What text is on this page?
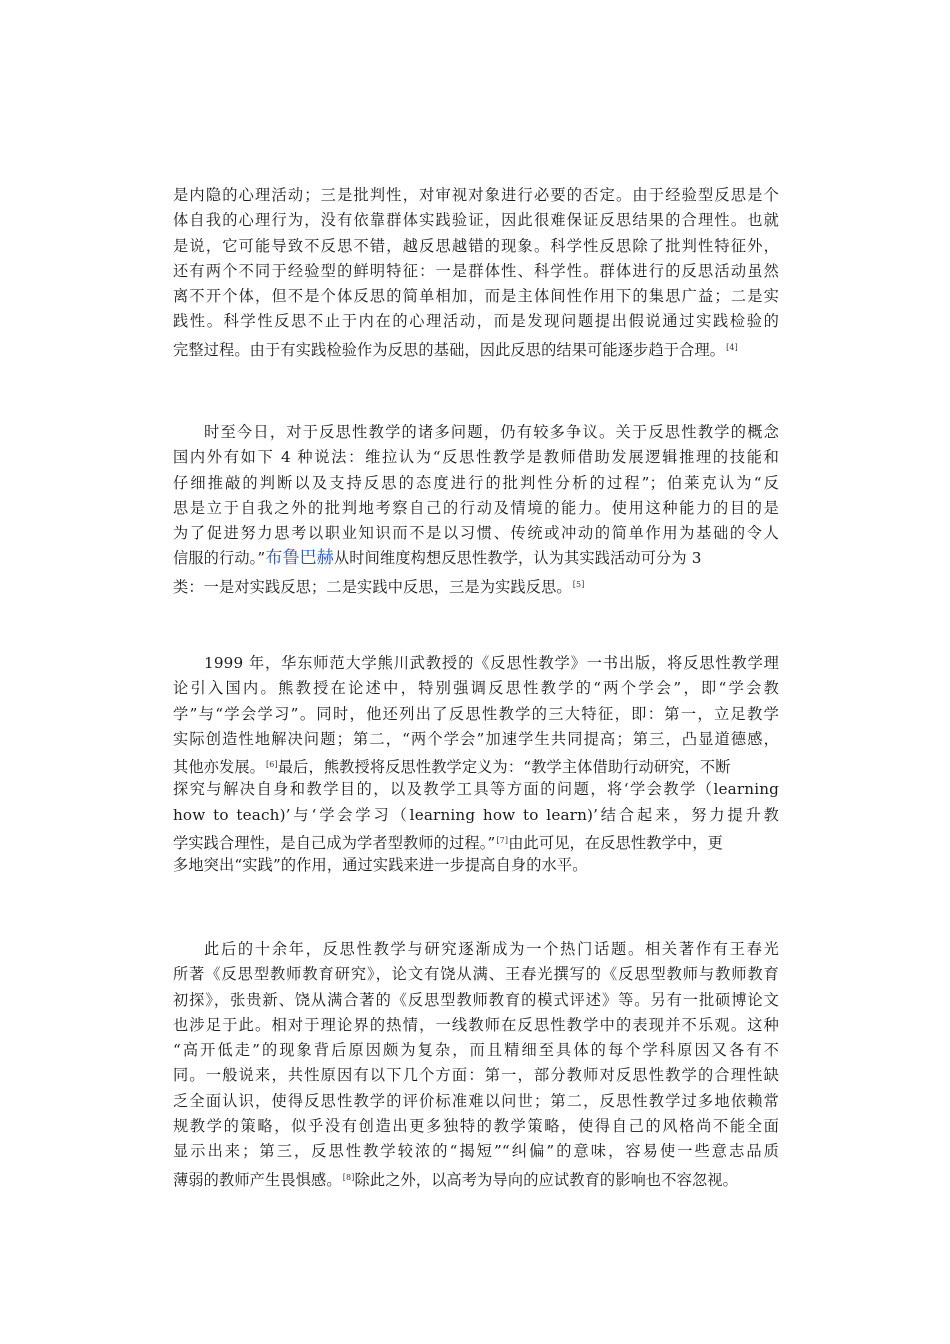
是内隐的心理活动；三是批判性，对审视对象进行必要的否定。由于经验型反思是个
体自我的心理行为，没有依靠群体实践验证，因此很难保证反思结果的合理性。也就
是说，它可能导致不反思不错，越反思越错的现象。科学性反思除了批判性特征外，
还有两个不同于经验型的鲜明特征：一是群体性、科学性。群体进行的反思活动虽然
离不开个体，但不是个体反思的简单相加，而是主体间性作用下的集思广益；二是实
践性。科学性反思不止于内在的心理活动，而是发现问题提出假说通过实践检验的
完整过程。由于有实践检验作为反思的基础，因此反思的结果可能逐步趋于合理。[4]
时至今日，对于反思性教学的诸多问题，仍有较多争议。关于反思性教学的概念
国内外有如下 4 种说法：维拉认为“反思性教学是教师借助发展逻辑推理的技能和
仔细推敲的判断以及支持反思的态度进行的批判性分析的过程”；伯莱克认为“反
思是立于自我之外的批判地考察自己的行动及情境的能力。使用这种能力的目的是
为了促进努力思考以职业知识而不是以习惯、传统或冲动的简单作用为基础的令人
信服的行动。”布鲁巴赫从时间维度构想反思性教学，认为其实践活动可分为 3
类：一是对实践反思；二是实践中反思，三是为实践反思。[5]
1999 年，华东师范大学熊川武教授的《反思性教学》一书出版，将反思性教学理
论引入国内。熊教授在论述中，特别强调反思性教学的“两个学会”，即“学会教
学”与“学会学习”。同时，他还列出了反思性教学的三大特征，即：第一，立足教学
实际创造性地解决问题；第二，“两个学会”加速学生共同提高；第三，凸显道德感，
其他亦发展。[6]最后，熊教授将反思性教学定义为：“教学主体借助行动研究，不断
探究与解决自身和教学目的，以及教学工具等方面的问题，将‘学会教学（learning
how to teach)’与‘学会学习（learning how to learn)’结合起来，努力提升教
学实践合理性，是自己成为学者型教师的过程。”[7]由此可见，在反思性教学中，更
多地突出“实践”的作用，通过实践来进一步提高自身的水平。
此后的十余年，反思性教学与研究逐渐成为一个热门话题。相关著作有王春光
所著《反思型教师教育研究》，论文有饶从满、王春光撰写的《反思型教师与教师教育
初探》，张贵新、饶从满合著的《反思型教师教育的模式评述》等。另有一批硕博论文
也涉足于此。相对于理论界的热情，一线教师在反思性教学中的表现并不乐观。这种
“高开低走”的现象背后原因颇为复杂，而且精细至具体的每个学科原因又各有不
同。一般说来，共性原因有以下几个方面：第一，部分教师对反思性教学的合理性缺
乏全面认识，使得反思性教学的评价标准难以问世；第二，反思性教学过多地依赖常
规教学的策略，似乎没有创造出更多独特的教学策略，使得自己的风格尚不能全面
显示出来；第三，反思性教学较浓的“揭短”“纠偏”的意味，容易使一些意志品质
薄弱的教师产生畏惧感。[8]除此之外，以高考为导向的应试教育的影响也不容忽视。
